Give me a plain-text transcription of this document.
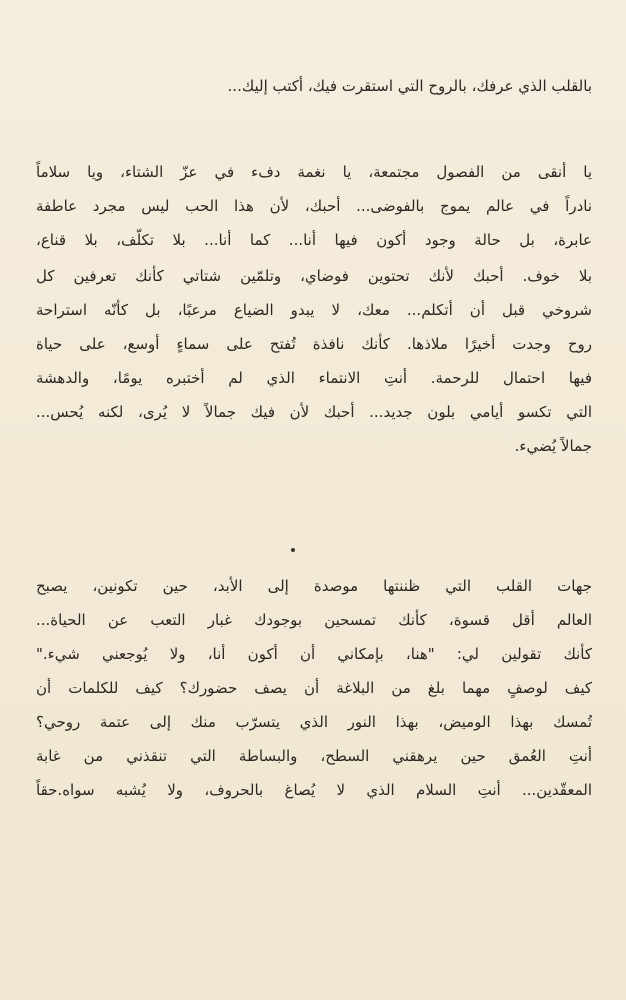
بالقلب الذي عرفك، بالروح التي استقرت فيك، أكتب إليك...
يا أنقى من الفصول مجتمعة، يا نغمة دفء في عزّ الشتاء، ويا سلاماً
نادراً في عالم يموج بالفوضى... أحبك، لأن هذا الحب ليس مجرد عاطفة
عابرة، بل حالة وجود أكون فيها أنا... كما أنا... بلا تكلّف، بلا قناع،
بلا خوف. أحبك لأنك تحتوين فوضاي، وتلمّين شتاتي كأنك تعرفين كل
شروخي قبل أن أتكلم... معك، لا يبدو الضياع مرعبًا، بل كأنّه استراحة
روح وجدت أخيرًا ملاذها. كأنك نافذة تُفتح على سماءٍ أوسع، على حياة
فيها احتمال للرحمة. أنتِ الانتماء الذي لم أختبره يومًا، والدهشة
التي تكسو أيامي بلون جديد... أحبك لأن فيك جمالاً لا يُرى، لكنه يُحس...
جمالاً يُضيء.
جهات القلب التي ظننتها موصدة إلى الأبد، حين تكونين، يصبح
العالم أقل قسوة، كأنك تمسحين بوجودك غبار التعب عن الحياة...
كأنك تقولين لي: "هنا، بإمكاني أن أكون أنا، ولا يُوجعني شيء."
كيف لوصفٍ مهما بلغ من البلاغة أن يصف حضورك؟ كيف للكلمات أن
تُمسك بهذا الوميض، بهذا النور الذي يتسرّب منك إلى عتمة روحي؟
أنتِ العُمق حين يرهقني السطح، والبساطة التي تنقذني من غابة
المعقّدين... أنتِ السلام الذي لا يُصاغ بالحروف، ولا يُشبه سواه.حقاً
